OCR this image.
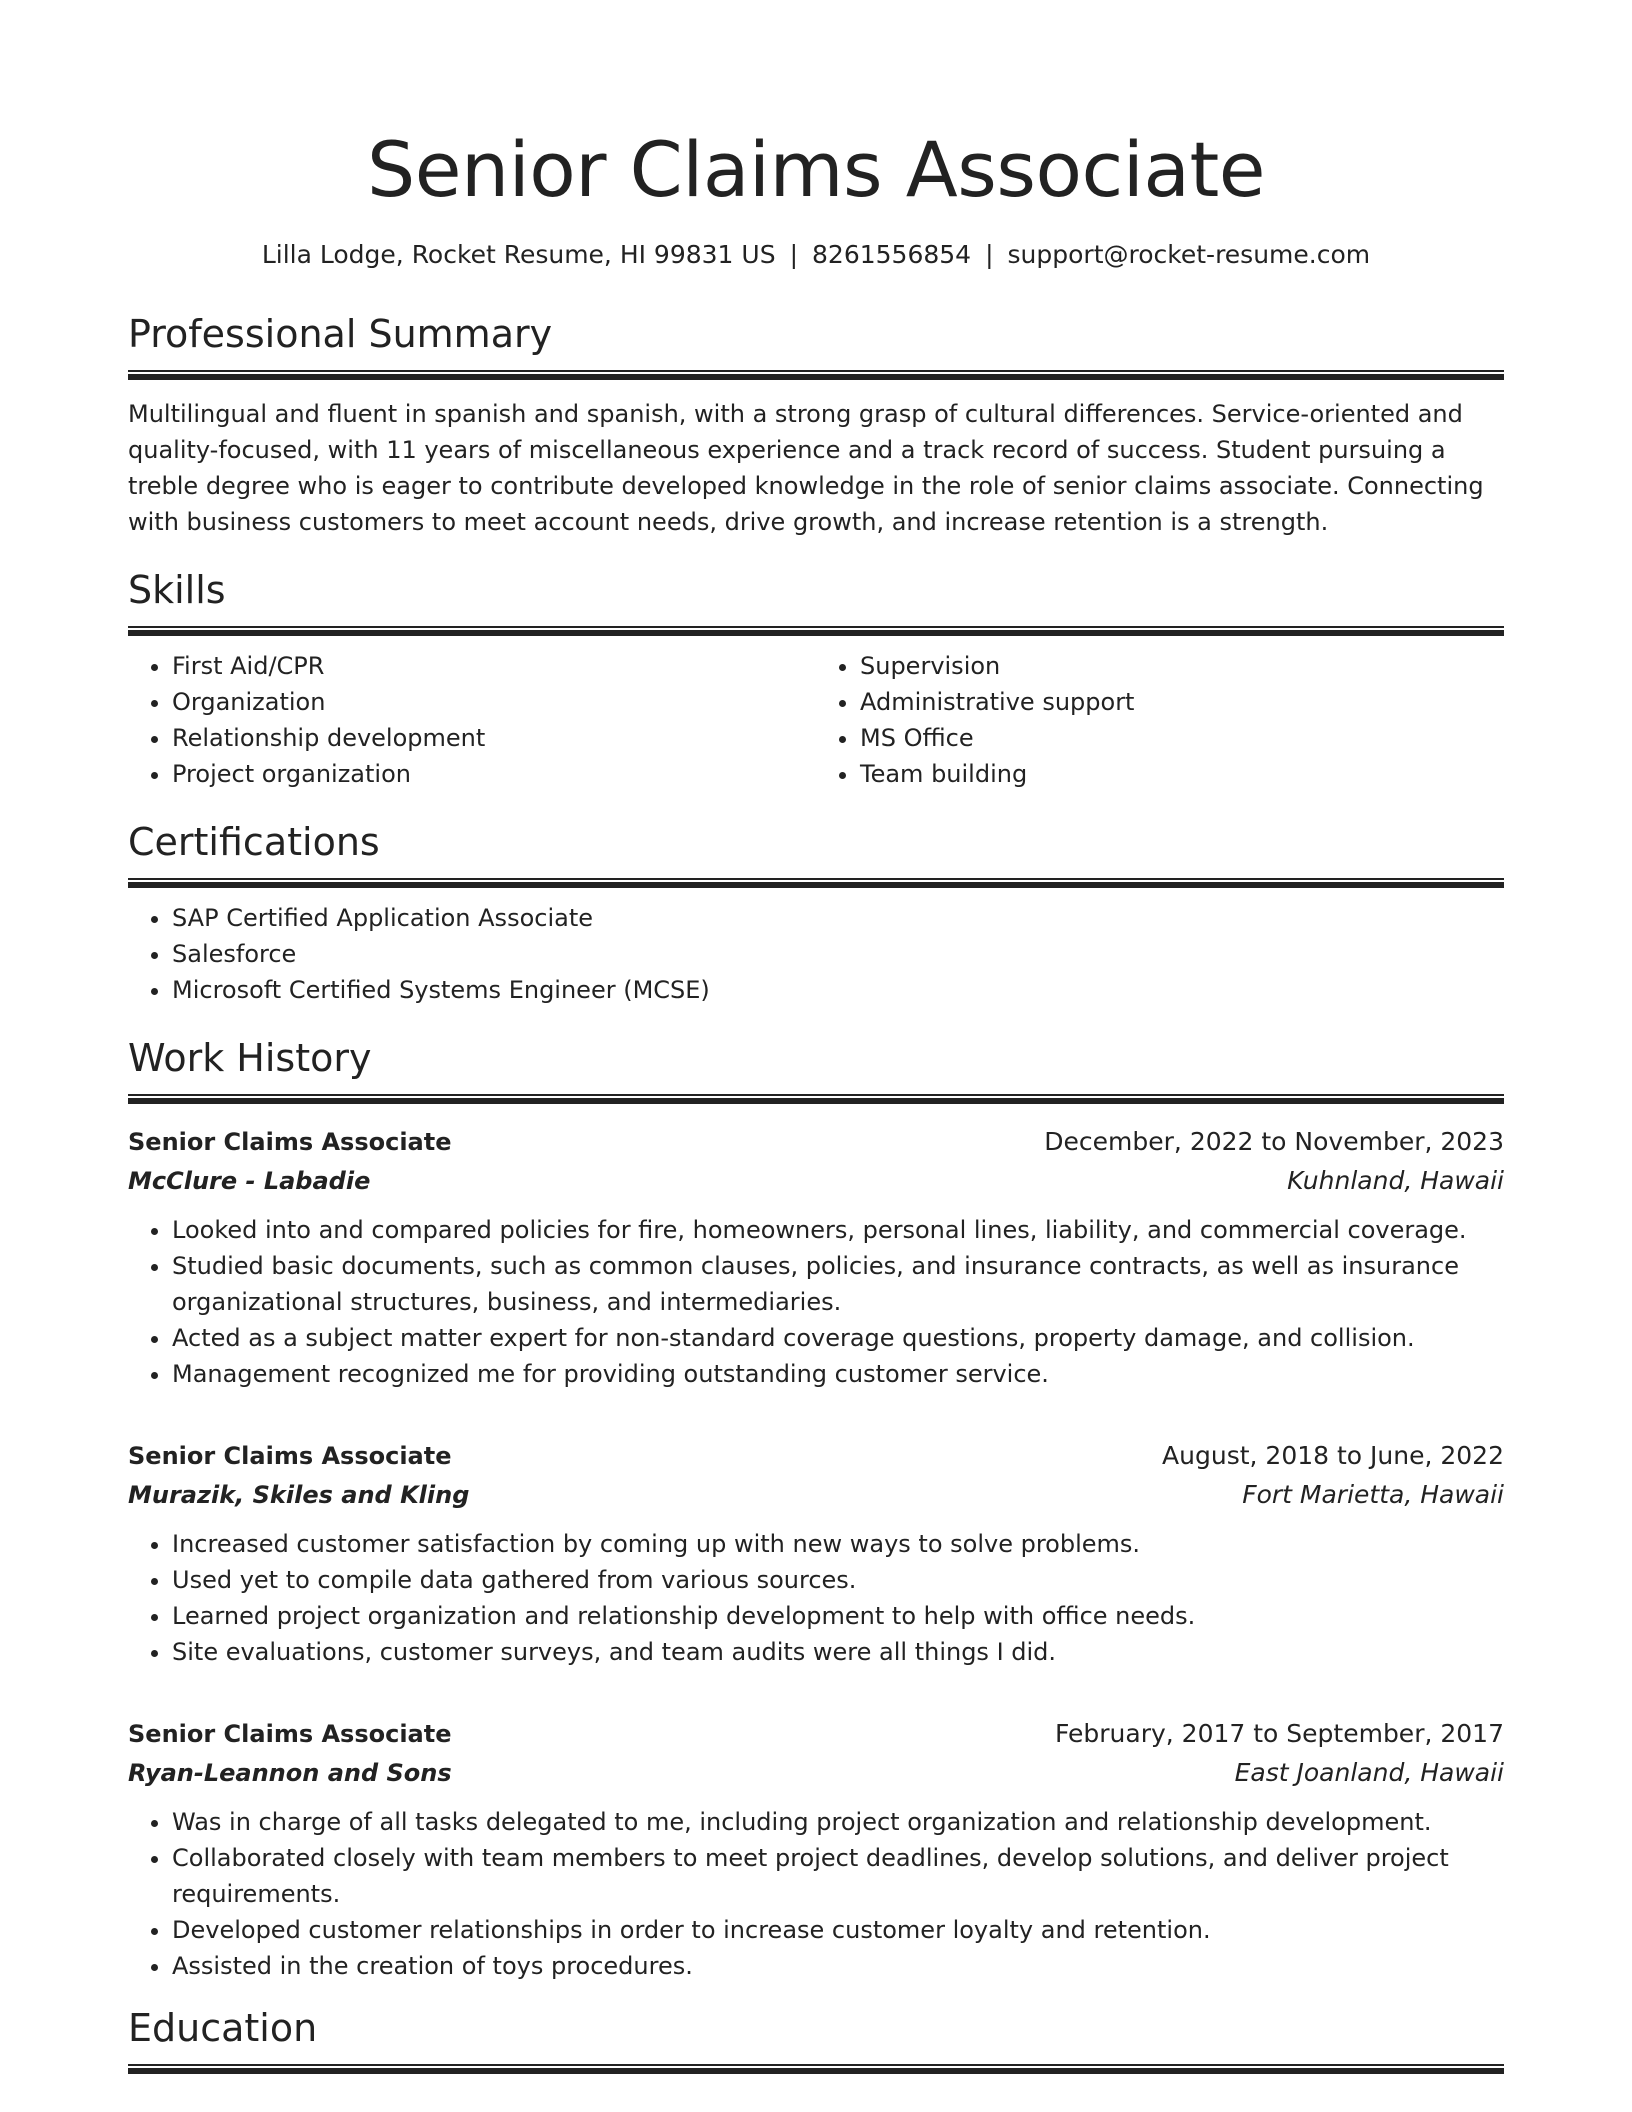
Senior Claims Associate
Lilla Lodge, Rocket Resume, HI 99831 US | 8261556854 | support@rocket-resume.com
Professional Summary

Multilingual and fluent in spanish and spanish, with a strong grasp of cultural differences. Service-oriented and quality-focused, with 11 years of miscellaneous experience and a track record of success. Student pursuing a treble degree who is eager to contribute developed knowledge in the role of senior claims associate. Connecting with business customers to meet account needs, drive growth, and increase retention is a strength.

Skills
• First Aid/CPR
• Organization
• Relationship development
• Project organization
• Supervision
• Administrative support
• MS Office
• Team building
Certifications
• SAP Certified Application Associate
• Salesforce
• Microsoft Certified Systems Engineer (MCSE)
Work History
Senior Claims Associate	December, 2022 to November, 2023
McClure - Labadie	Kuhnland, Hawaii
• Looked into and compared policies for fire, homeowners, personal lines, liability, and commercial coverage.
• Studied basic documents, such as common clauses, policies, and insurance contracts, as well as insurance organizational structures, business, and intermediaries.
• Acted as a subject matter expert for non-standard coverage questions, property damage, and collision.
• Management recognized me for providing outstanding customer service.
Senior Claims Associate	August, 2018 to June, 2022
Murazik, Skiles and Kling	Fort Marietta, Hawaii
• Increased customer satisfaction by coming up with new ways to solve problems.
• Used yet to compile data gathered from various sources.
• Learned project organization and relationship development to help with office needs.
• Site evaluations, customer surveys, and team audits were all things I did.
Senior Claims Associate	February, 2017 to September, 2017
Ryan-Leannon and Sons	East Joanland, Hawaii
• Was in charge of all tasks delegated to me, including project organization and relationship development.
• Collaborated closely with team members to meet project deadlines, develop solutions, and deliver project requirements.
• Developed customer relationships in order to increase customer loyalty and retention.
• Assisted in the creation of toys procedures.
Education
